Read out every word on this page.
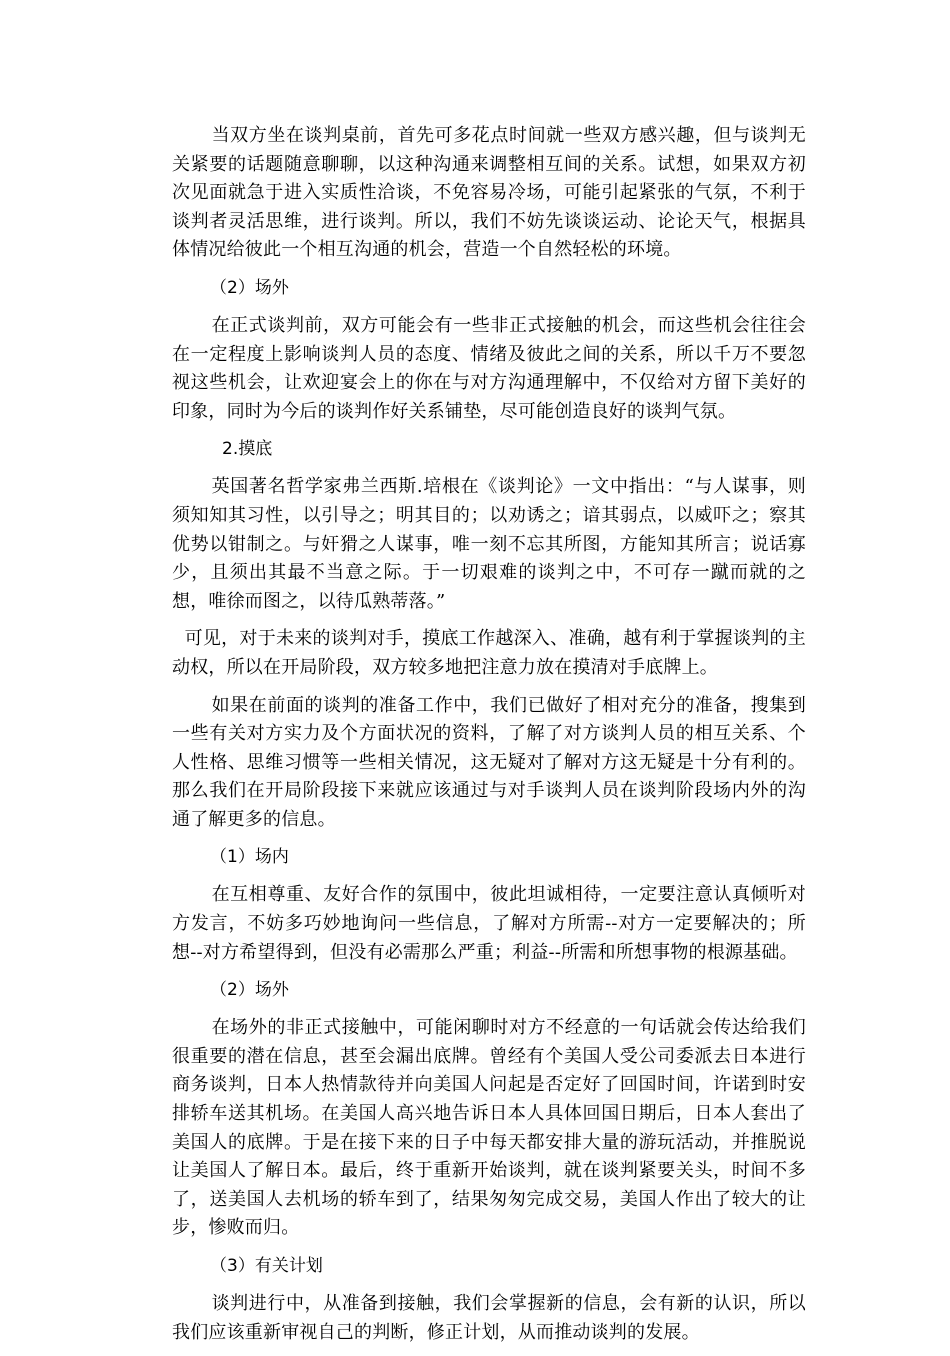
当双方坐在谈判桌前，首先可多花点时间就一些双方感兴趣，但与谈判无关紧要的话题随意聊聊，以这种沟通来调整相互间的关系。试想，如果双方初次见面就急于进入实质性洽谈，不免容易冷场，可能引起紧张的气氛，不利于谈判者灵活思维，进行谈判。所以，我们不妨先谈谈运动、论论天气，根据具体情况给彼此一个相互沟通的机会，营造一个自然轻松的环境。

（2）场外

在正式谈判前，双方可能会有一些非正式接触的机会，而这些机会往往会在一定程度上影响谈判人员的态度、情绪及彼此之间的关系，所以千万不要忽视这些机会，让欢迎宴会上的你在与对方沟通理解中，不仅给对方留下美好的印象，同时为今后的谈判作好关系铺垫，尽可能创造良好的谈判气氛。

2.摸底

英国著名哲学家弗兰西斯.培根在《谈判论》一文中指出：“与人谋事，则须知知其习性，以引导之；明其目的；以劝诱之；谙其弱点，以威吓之；察其优势以钳制之。与奸猾之人谋事，唯一刻不忘其所图，方能知其所言；说话寡少，且须出其最不当意之际。于一切艰难的谈判之中，不可存一蹴而就的之想，唯徐而图之，以待瓜熟蒂落。”

可见，对于未来的谈判对手，摸底工作越深入、准确，越有利于掌握谈判的主动权，所以在开局阶段，双方较多地把注意力放在摸清对手底牌上。

如果在前面的谈判的准备工作中，我们已做好了相对充分的准备，搜集到一些有关对方实力及个方面状况的资料，了解了对方谈判人员的相互关系、个人性格、思维习惯等一些相关情况，这无疑对了解对方这无疑是十分有利的。那么我们在开局阶段接下来就应该通过与对手谈判人员在谈判阶段场内外的沟通了解更多的信息。

（1）场内

在互相尊重、友好合作的氛围中，彼此坦诚相待，一定要注意认真倾听对方发言，不妨多巧妙地询问一些信息，了解对方所需--对方一定要解决的；所想--对方希望得到，但没有必需那么严重；利益--所需和所想事物的根源基础。

（2）场外

在场外的非正式接触中，可能闲聊时对方不经意的一句话就会传达给我们很重要的潜在信息，甚至会漏出底牌。曾经有个美国人受公司委派去日本进行商务谈判，日本人热情款待并向美国人问起是否定好了回国时间，许诺到时安排轿车送其机场。在美国人高兴地告诉日本人具体回国日期后，日本人套出了美国人的底牌。于是在接下来的日子中每天都安排大量的游玩活动，并推脱说让美国人了解日本。最后，终于重新开始谈判，就在谈判紧要关头，时间不多了，送美国人去机场的轿车到了，结果匆匆完成交易，美国人作出了较大的让步，惨败而归。

（3）有关计划

谈判进行中，从准备到接触，我们会掌握新的信息，会有新的认识，所以我们应该重新审视自己的判断，修正计划，从而推动谈判的发展。
